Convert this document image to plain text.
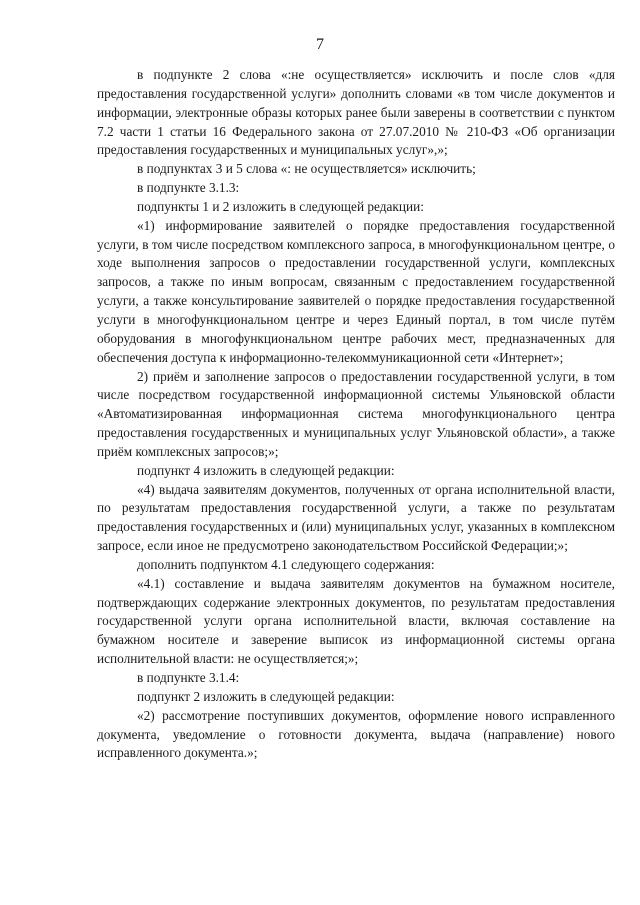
7

в подпункте 2 слова «:не осуществляется» исключить и после слов «для предоставления государственной услуги» дополнить словами «в том числе документов и информации, электронные образы которых ранее были заверены в соответствии с пунктом 7.2 части 1 статьи 16 Федерального закона от 27.07.2010 № 210-ФЗ «Об организации предоставления государственных и муниципальных услуг»,»;

в подпунктах 3 и 5 слова «: не осуществляется» исключить;

в подпункте 3.1.3:

подпункты 1 и 2 изложить в следующей редакции:

«1) информирование заявителей о порядке предоставления государственной услуги, в том числе посредством комплексного запроса, в многофункциональном центре, о ходе выполнения запросов о предоставлении государственной услуги, комплексных запросов, а также по иным вопросам, связанным с предоставлением государственной услуги, а также консультирование заявителей о порядке предоставления государственной услуги в многофункциональном центре и через Единый портал, в том числе путём оборудования в многофункциональном центре рабочих мест, предназначенных для обеспечения доступа к информационно-телекоммуникационной сети «Интернет»;

2) приём и заполнение запросов о предоставлении государственной услуги, в том числе посредством государственной информационной системы Ульяновской области «Автоматизированная информационная система многофункционального центра предоставления государственных и муниципальных услуг Ульяновской области», а также приём комплексных запросов;»;

подпункт 4 изложить в следующей редакции:

«4) выдача заявителям документов, полученных от органа исполнительной власти, по результатам предоставления государственной услуги, а также по результатам предоставления государственных и (или) муниципальных услуг, указанных в комплексном запросе, если иное не предусмотрено законодательством Российской Федерации;»;

дополнить подпунктом 4.1 следующего содержания:

«4.1) составление и выдача заявителям документов на бумажном носителе, подтверждающих содержание электронных документов, по результатам предоставления государственной услуги органа исполнительной власти, включая составление на бумажном носителе и заверение выписок из информационной системы органа исполнительной власти: не осуществляется;»;

в подпункте 3.1.4:

подпункт 2 изложить в следующей редакции:

«2) рассмотрение поступивших документов, оформление нового исправленного документа, уведомление о готовности документа, выдача (направление) нового исправленного документа.»;
